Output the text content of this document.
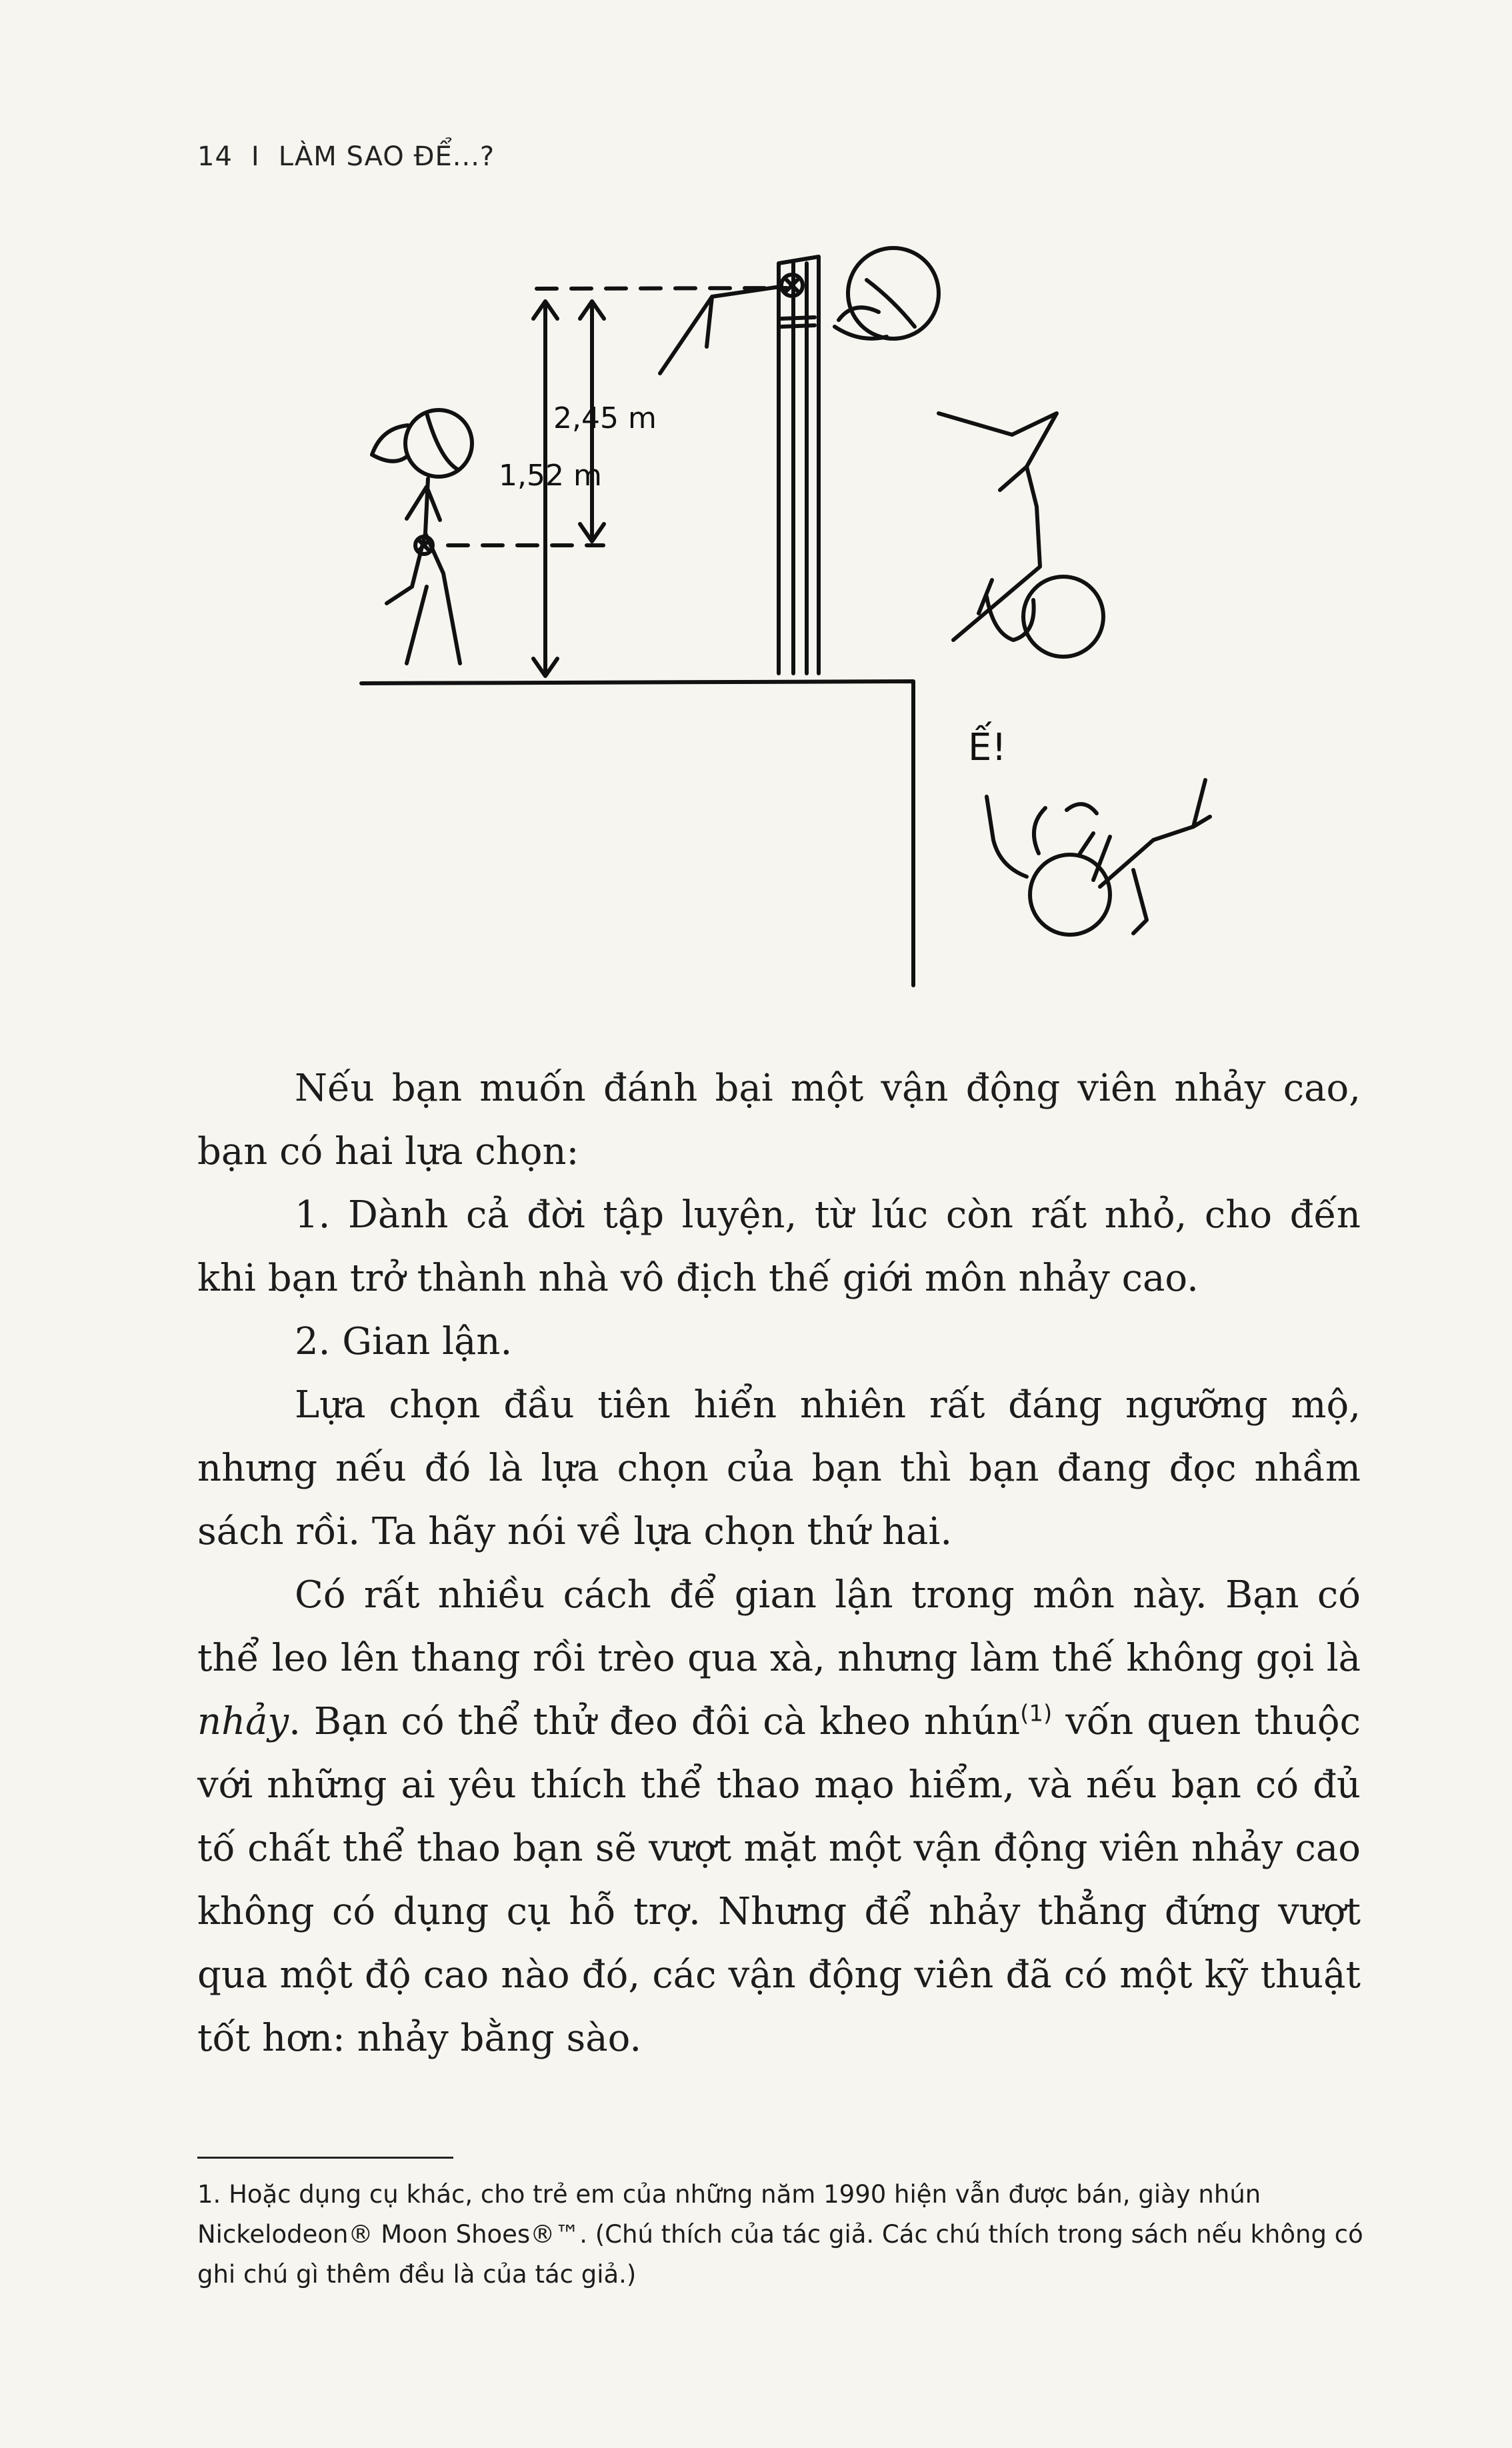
14 I LÀM SAO ĐỂ...?
2,45 m
1,52 m
Ế!

Nếu bạn muốn đánh bại một vận động viên nhảy cao, bạn có hai lựa chọn:

1. Dành cả đời tập luyện, từ lúc còn rất nhỏ, cho đến khi bạn trở thành nhà vô địch thế giới môn nhảy cao.

2. Gian lận.

Lựa chọn đầu tiên hiển nhiên rất đáng ngưỡng mộ, nhưng nếu đó là lựa chọn của bạn thì bạn đang đọc nhầm sách rồi. Ta hãy nói về lựa chọn thứ hai.

Có rất nhiều cách để gian lận trong môn này. Bạn có thể leo lên thang rồi trèo qua xà, nhưng làm thế không gọi là nhảy. Bạn có thể thử đeo đôi cà kheo nhún$^{(1)}$ vốn quen thuộc với những ai yêu thích thể thao mạo hiểm, và nếu bạn có đủ tố chất thể thao bạn sẽ vượt mặt một vận động viên nhảy cao không có dụng cụ hỗ trợ. Nhưng để nhảy thẳng đứng vượt qua một độ cao nào đó, các vận động viên đã có một kỹ thuật tốt hơn: nhảy bằng sào.

1. Hoặc dụng cụ khác, cho trẻ em của những năm 1990 hiện vẫn được bán, giày nhún Nickelodeon® Moon Shoes®™. (Chú thích của tác giả. Các chú thích trong sách nếu không có ghi chú gì thêm đều là của tác giả.)
